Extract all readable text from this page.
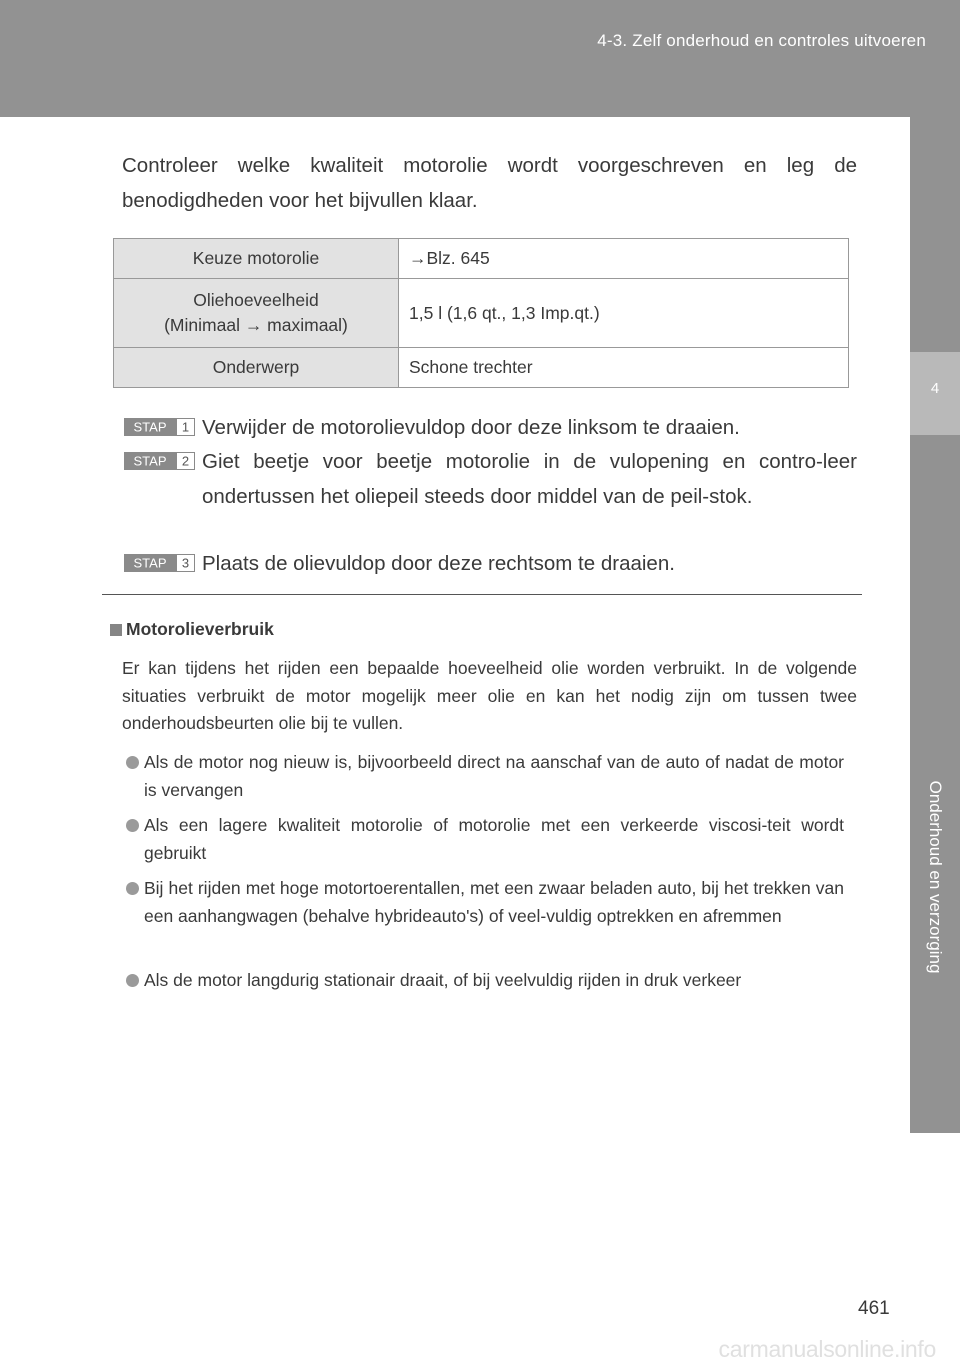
4-3. Zelf onderhoud en controles uitvoeren
4
Onderhoud en verzorging
Controleer welke kwaliteit motorolie wordt voorgeschreven en leg de benodigdheden voor het bijvullen klaar.
Keuze motorolie	→Blz. 645

Oliehoeveelheid
(Minimaal → maximaal)	1,5 l (1,6 qt., 1,3 Imp.qt.)
Onderwerp	Schone trechter
STAP 1 Verwijder de motorolievuldop door deze linksom te draaien.
STAP 2 Giet beetje voor beetje motorolie in de vulopening en contro-leer ondertussen het oliepeil steeds door middel van de peil-stok.
STAP 3 Plaats de olievuldop door deze rechtsom te draaien.
Motorolieverbruik
Er kan tijdens het rijden een bepaalde hoeveelheid olie worden verbruikt. In de volgende situaties verbruikt de motor mogelijk meer olie en kan het nodig zijn om tussen twee onderhoudsbeurten olie bij te vullen.
Als de motor nog nieuw is, bijvoorbeeld direct na aanschaf van de auto of nadat de motor is vervangen
Als een lagere kwaliteit motorolie of motorolie met een verkeerde viscosi-teit wordt gebruikt
Bij het rijden met hoge motortoerentallen, met een zwaar beladen auto, bij het trekken van een aanhangwagen (behalve hybrideauto's) of veel-vuldig optrekken en afremmen
Als de motor langdurig stationair draait, of bij veelvuldig rijden in druk verkeer
461
carmanualsonline.info
